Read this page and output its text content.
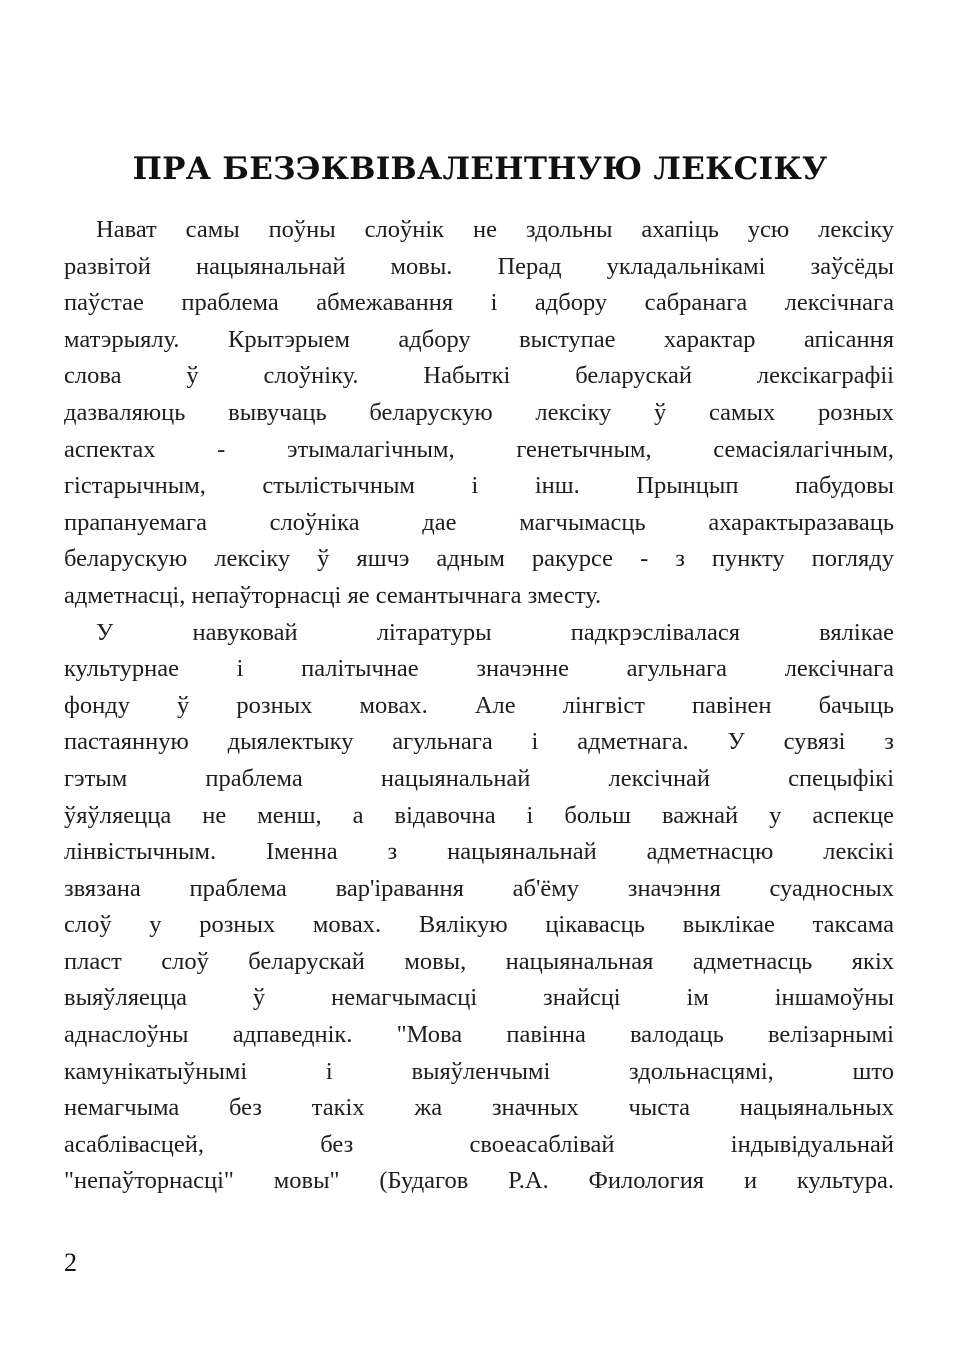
ПРА БЕЗЭКВІВАЛЕНТНУЮ ЛЕКСІКУ
Нават самы поўны слоўнік не здольны ахапіць усю лексіку
развітой нацыянальнай мовы. Перад укладальнікамі заўсёды
паўстае праблема абмежавання і адбору сабранага лексічнага
матэрыялу. Крытэрыем адбору выступае характар апісання
слова ў слоўніку. Набыткі беларускай лексікаграфіі
дазваляюць вывучаць беларускую лексіку ў самых розных
аспектах - этымалагічным, генетычным, семасіялагічным,
гістарычным, стылістычным і інш. Прынцып пабудовы
прапануемага слоўніка дае магчымасць ахарактыразаваць
беларускую лексіку ў яшчэ адным ракурсе - з пункту погляду
адметнасці, непаўторнасці яе семантычнага зместу.
У навуковай літаратуры падкрэслівалася вялікае
культурнае і палітычнае значэнне агульнага лексічнага
фонду ў розных мовах. Але лінгвіст павінен бачыць
пастаянную дыялектыку агульнага і адметнага. У сувязі з
гэтым праблема нацыянальнай лексічнай спецыфікі
ўяўляецца не менш, а відавочна і больш важнай у аспекце
лінвістычным. Іменна з нацыянальнай адметнасцю лексікі
звязана праблема вар'іравання аб'ёму значэння суадносных
слоў у розных мовах. Вялікую цікавасць выклікае таксама
пласт слоў беларускай мовы, нацыянальная адметнасць якіх
выяўляецца ў немагчымасці знайсці ім іншамоўны
аднаслоўны адпаведнік. "Мова павінна валодаць велізарнымі
камунікатыўнымі і выяўленчымі здольнасцямі, што
немагчыма без такіх жа значных чыста нацыянальных
асаблівасцей, без своеасаблівай індывідуальнай
"непаўторнасці" мовы" (Будагов Р.А. Филология и культура.
2
